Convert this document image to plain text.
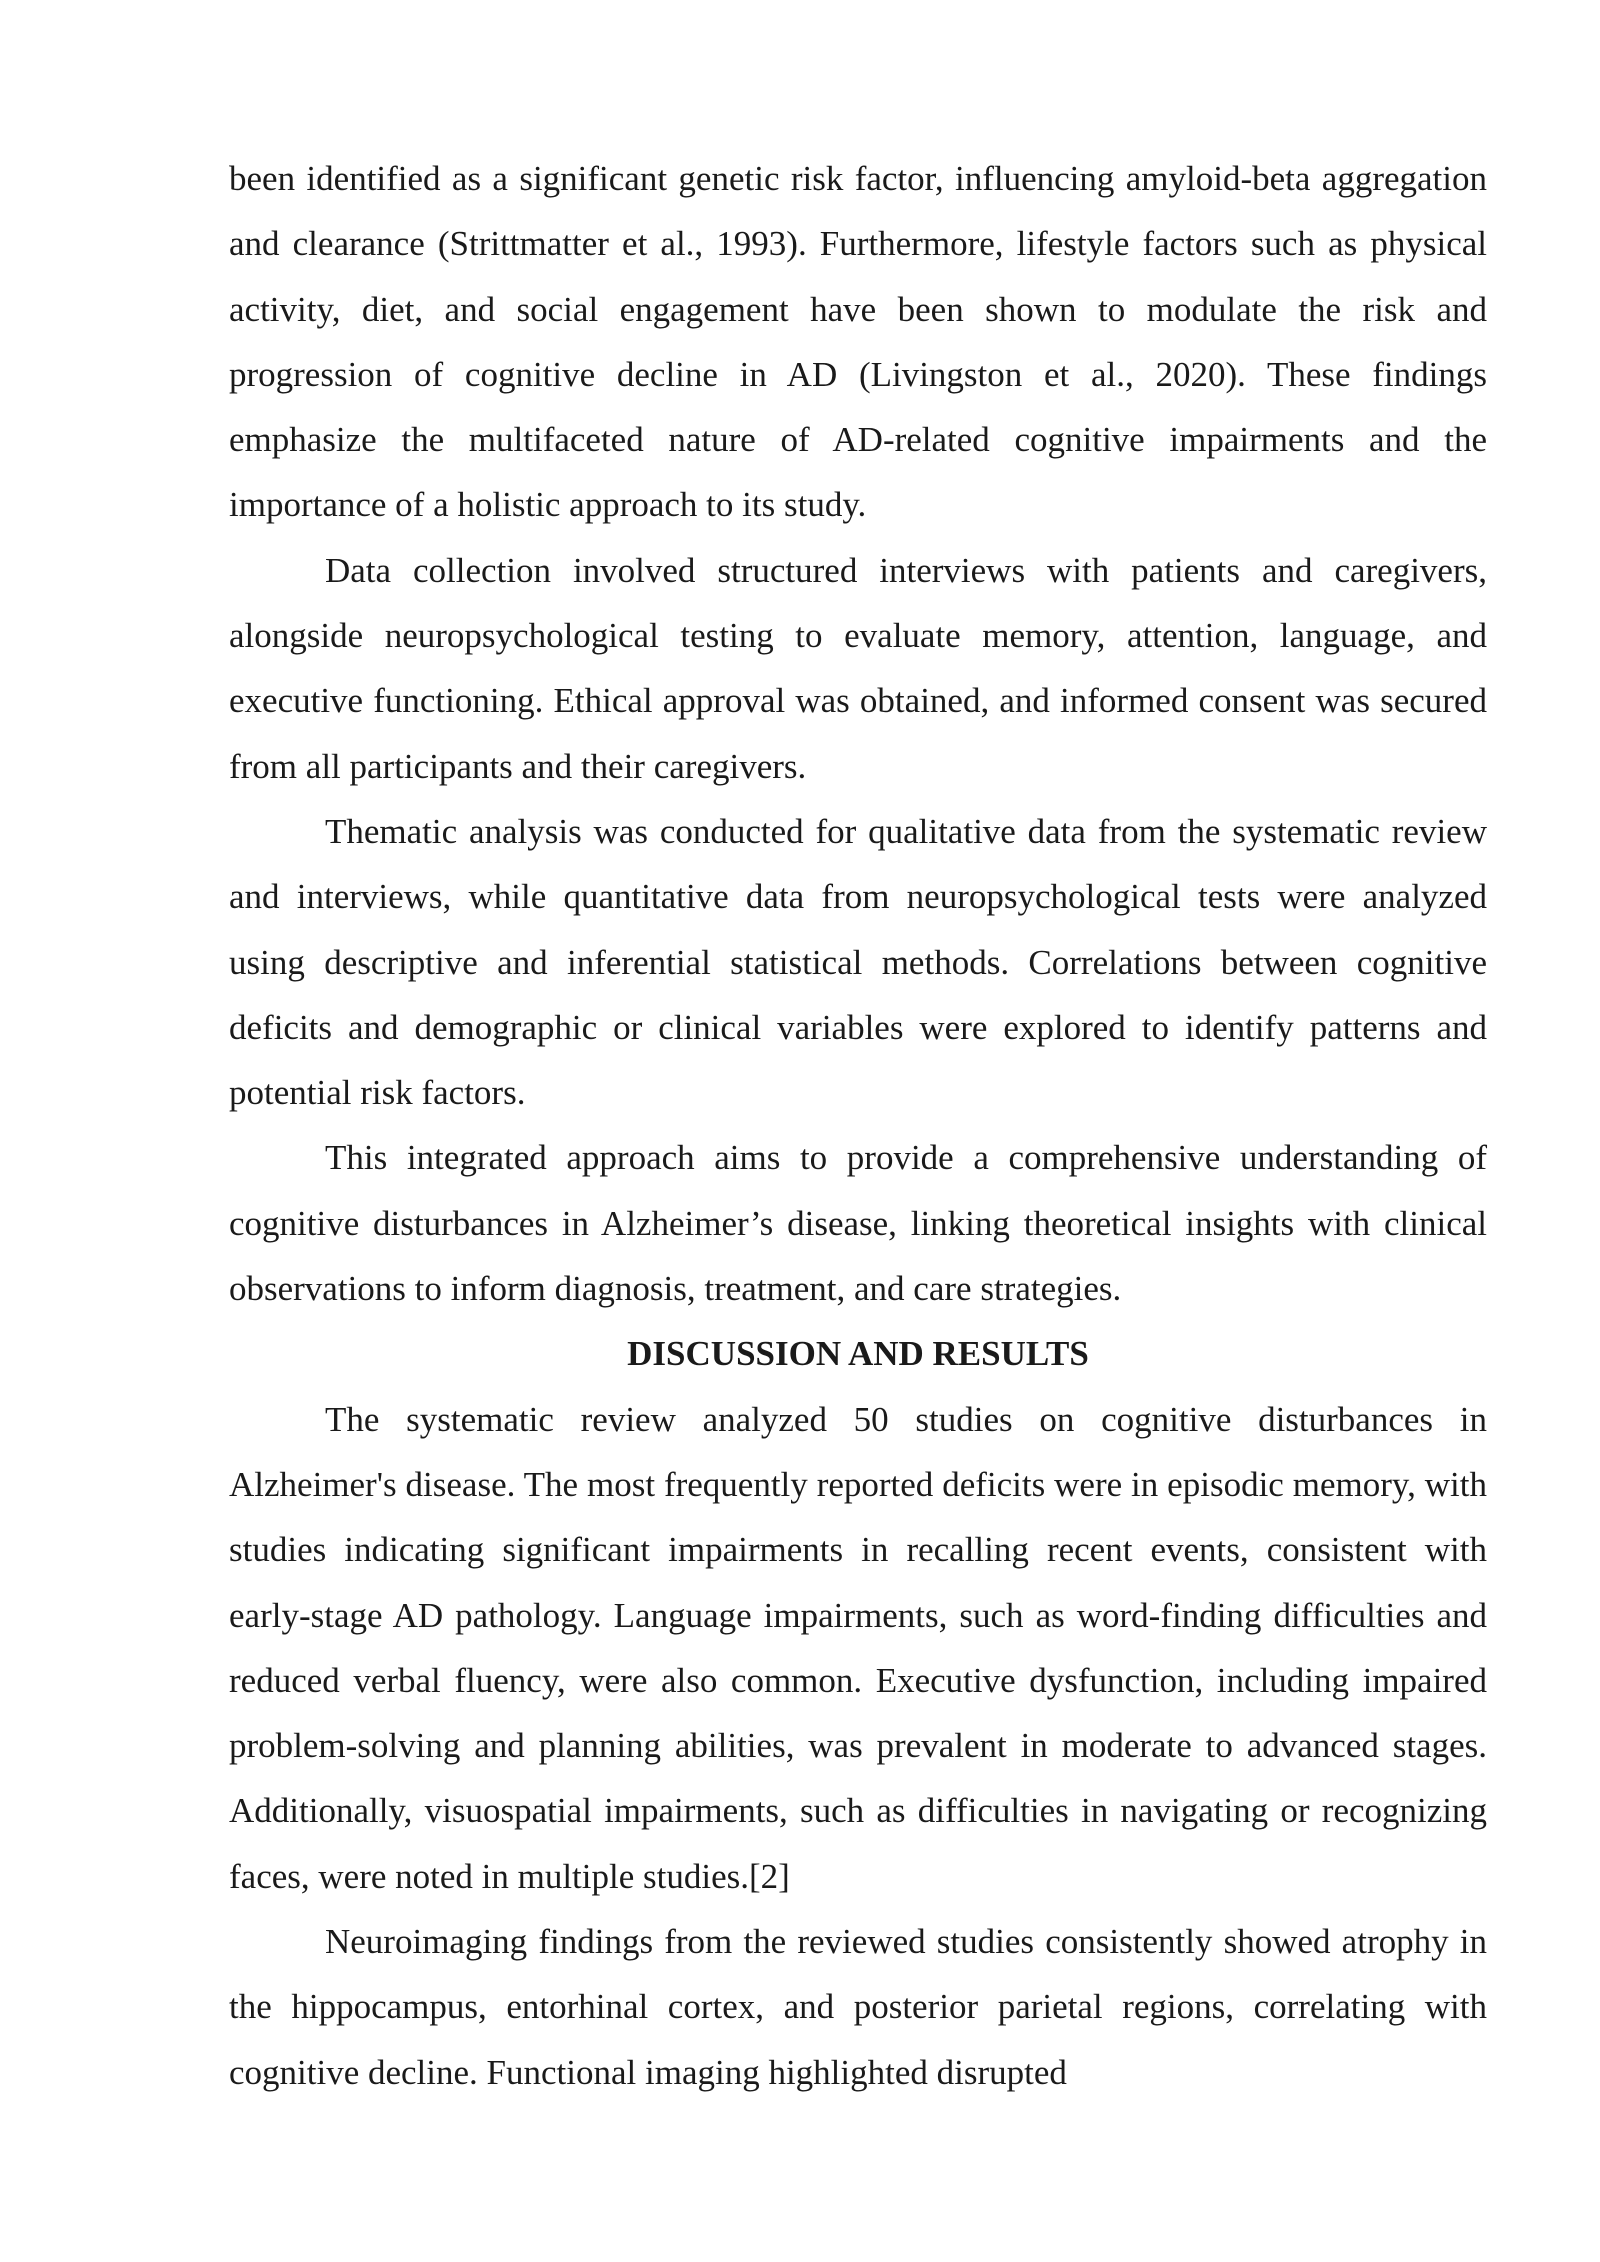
been identified as a significant genetic risk factor, influencing amyloid-beta aggregation and clearance (Strittmatter et al., 1993). Furthermore, lifestyle factors such as physical activity, diet, and social engagement have been shown to modulate the risk and progression of cognitive decline in AD (Livingston et al., 2020). These findings emphasize the multifaceted nature of AD-related cognitive impairments and the importance of a holistic approach to its study.

Data collection involved structured interviews with patients and caregivers, alongside neuropsychological testing to evaluate memory, attention, language, and executive functioning. Ethical approval was obtained, and informed consent was secured from all participants and their caregivers.

Thematic analysis was conducted for qualitative data from the systematic review and interviews, while quantitative data from neuropsychological tests were analyzed using descriptive and inferential statistical methods. Correlations between cognitive deficits and demographic or clinical variables were explored to identify patterns and potential risk factors.

This integrated approach aims to provide a comprehensive understanding of cognitive disturbances in Alzheimer’s disease, linking theoretical insights with clinical observations to inform diagnosis, treatment, and care strategies.

DISCUSSION AND RESULTS

The systematic review analyzed 50 studies on cognitive disturbances in Alzheimer's disease. The most frequently reported deficits were in episodic memory, with studies indicating significant impairments in recalling recent events, consistent with early-stage AD pathology. Language impairments, such as word-finding difficulties and reduced verbal fluency, were also common. Executive dysfunction, including impaired problem-solving and planning abilities, was prevalent in moderate to advanced stages. Additionally, visuospatial impairments, such as difficulties in navigating or recognizing faces, were noted in multiple studies.[2]

Neuroimaging findings from the reviewed studies consistently showed atrophy in the hippocampus, entorhinal cortex, and posterior parietal regions, correlating with cognitive decline. Functional imaging highlighted disrupted
